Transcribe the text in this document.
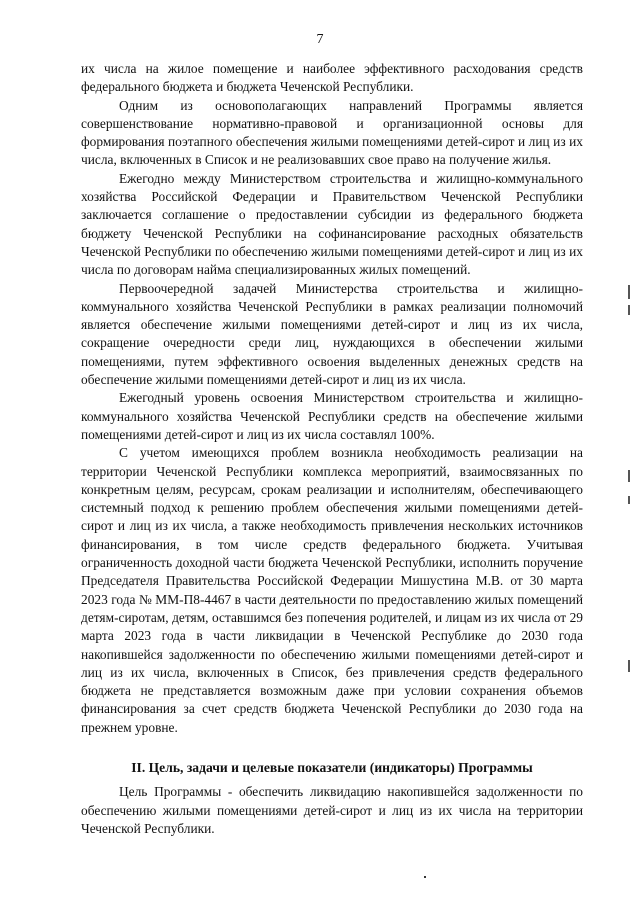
7

их числа на жилое помещение и наиболее эффективного расходования средств федерального бюджета и бюджета Чеченской Республики.

Одним из основополагающих направлений Программы является совершенствование нормативно-правовой и организационной основы для формирования поэтапного обеспечения жилыми помещениями детей-сирот и лиц из их числа, включенных в Список и не реализовавших свое право на получение жилья.

Ежегодно между Министерством строительства и жилищно-коммунального хозяйства Российской Федерации и Правительством Чеченской Республики заключается соглашение о предоставлении субсидии из федерального бюджета бюджету Чеченской Республики на софинансирование расходных обязательств Чеченской Республики по обеспечению жилыми помещениями детей-сирот и лиц из их числа по договорам найма специализированных жилых помещений.

Первоочередной задачей Министерства строительства и жилищно-коммунального хозяйства Чеченской Республики в рамках реализации полномочий является обеспечение жилыми помещениями детей-сирот и лиц из их числа, сокращение очередности среди лиц, нуждающихся в обеспечении жилыми помещениями, путем эффективного освоения выделенных денежных средств на обеспечение жилыми помещениями детей-сирот и лиц из их числа.

Ежегодный уровень освоения Министерством строительства и жилищно-коммунального хозяйства Чеченской Республики средств на обеспечение жилыми помещениями детей-сирот и лиц из их числа составлял 100%.

С учетом имеющихся проблем возникла необходимость реализации на территории Чеченской Республики комплекса мероприятий, взаимосвязанных по конкретным целям, ресурсам, срокам реализации и исполнителям, обеспечивающего системный подход к решению проблем обеспечения жилыми помещениями детей-сирот и лиц из их числа, а также необходимость привлечения нескольких источников финансирования, в том числе средств федерального бюджета. Учитывая ограниченность доходной части бюджета Чеченской Республики, исполнить поручение Председателя Правительства Российской Федерации Мишустина М.В. от 30 марта 2023 года № ММ-П8-4467 в части деятельности по предоставлению жилых помещений детям-сиротам, детям, оставшимся без попечения родителей, и лицам из их числа от 29 марта 2023 года в части ликвидации в Чеченской Республике до 2030 года накопившейся задолженности по обеспечению жилыми помещениями детей-сирот и лиц из их числа, включенных в Список, без привлечения средств федерального бюджета не представляется возможным даже при условии сохранения объемов финансирования за счет средств бюджета Чеченской Республики до 2030 года на прежнем уровне.

II. Цель, задачи и целевые показатели (индикаторы) Программы

Цель Программы - обеспечить ликвидацию накопившейся задолженности по обеспечению жилыми помещениями детей-сирот и лиц из их числа на территории Чеченской Республики.
